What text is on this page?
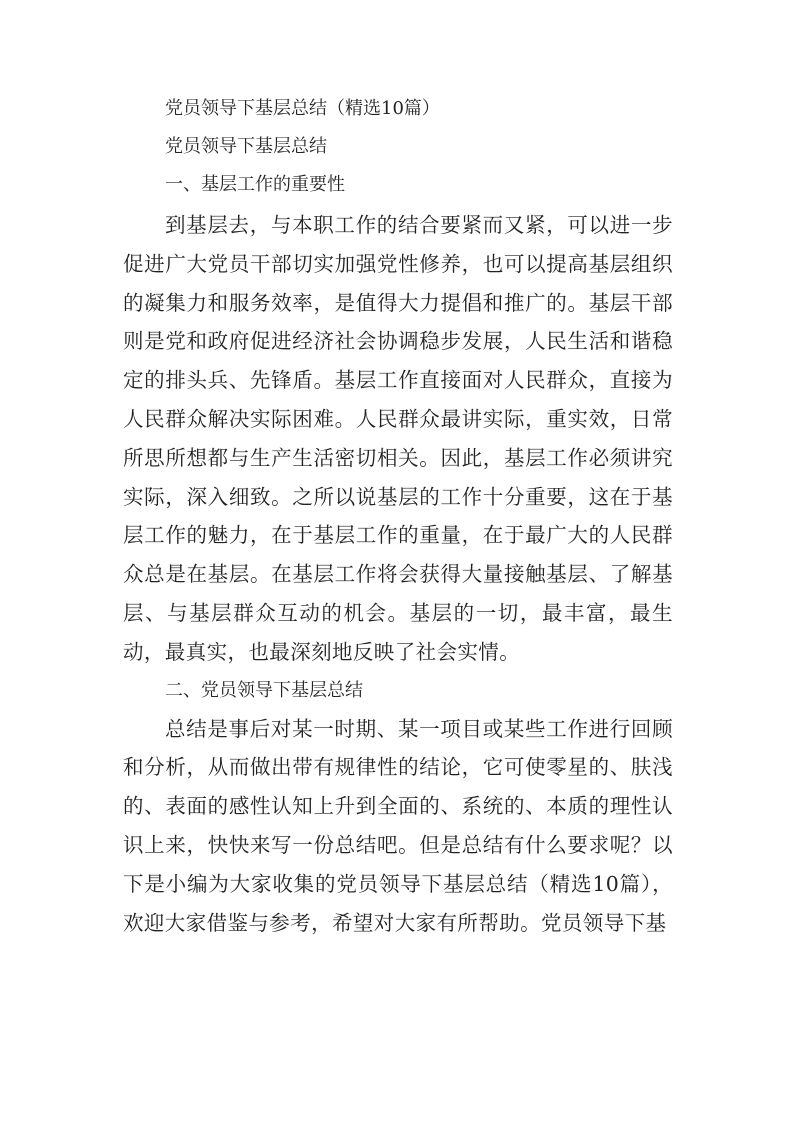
党员领导下基层总结（精选10篇）

党员领导下基层总结

一、基层工作的重要性

到基层去，与本职工作的结合要紧而又紧，可以进一步促进广大党员干部切实加强党性修养，也可以提高基层组织的凝集力和服务效率，是值得大力提倡和推广的。基层干部则是党和政府促进经济社会协调稳步发展，人民生活和谐稳定的排头兵、先锋盾。基层工作直接面对人民群众，直接为人民群众解决实际困难。人民群众最讲实际，重实效，日常所思所想都与生产生活密切相关。因此，基层工作必须讲究实际，深入细致。之所以说基层的工作十分重要，这在于基层工作的魅力，在于基层工作的重量，在于最广大的人民群众总是在基层。在基层工作将会获得大量接触基层、了解基层、与基层群众互动的机会。基层的一切，最丰富，最生动，最真实，也最深刻地反映了社会实情。

二、党员领导下基层总结

总结是事后对某一时期、某一项目或某些工作进行回顾和分析，从而做出带有规律性的结论，它可使零星的、肤浅的、表面的感性认知上升到全面的、系统的、本质的理性认识上来，快快来写一份总结吧。但是总结有什么要求呢？以下是小编为大家收集的党员领导下基层总结（精选10篇），欢迎大家借鉴与参考，希望对大家有所帮助。党员领导下基
